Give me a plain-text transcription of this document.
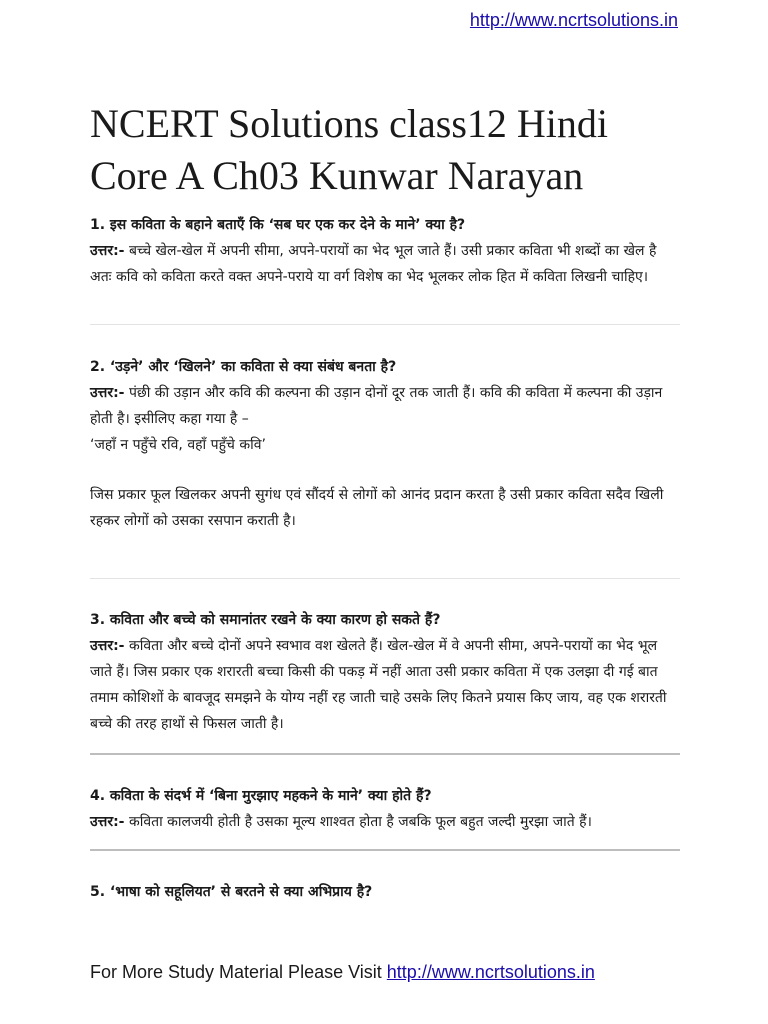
http://www.ncrtsolutions.in
NCERT Solutions class12 Hindi Core A Ch03 Kunwar Narayan

1. इस कविता के बहाने बताएँ कि ‘सब घर एक कर देने के माने’ क्या है?

उत्तर:- बच्चे खेल-खेल में अपनी सीमा, अपने-परायों का भेद भूल जाते हैं। उसी प्रकार कविता भी शब्दों का खेल है अतः कवि को कविता करते वक्त अपने-पराये या वर्ग विशेष का भेद भूलकर लोक हित में कविता लिखनी चाहिए।

2. ‘उड़ने’ और ‘खिलने’ का कविता से क्या संबंध बनता है?

उत्तर:- पंछी की उड़ान और कवि की कल्पना की उड़ान दोनों दूर तक जाती हैं। कवि की कविता में कल्पना की उड़ान होती है। इसीलिए कहा गया है –

‘जहाँ न पहुँचे रवि, वहाँ पहुँचे कवि’

जिस प्रकार फूल खिलकर अपनी सुगंध एवं सौंदर्य से लोगों को आनंद प्रदान करता है उसी प्रकार कविता सदैव खिली रहकर लोगों को उसका रसपान कराती है।

3. कविता और बच्चे को समानांतर रखने के क्या कारण हो सकते हैं?

उत्तर:- कविता और बच्चे दोनों अपने स्वभाव वश खेलते हैं। खेल-खेल में वे अपनी सीमा, अपने-परायों का भेद भूल जाते हैं। जिस प्रकार एक शरारती बच्चा किसी की पकड़ में नहीं आता उसी प्रकार कविता में एक उलझा दी गई बात तमाम कोशिशों के बावजूद समझने के योग्य नहीं रह जाती चाहे उसके लिए कितने प्रयास किए जाय, वह एक शरारती बच्चे की तरह हाथों से फिसल जाती है।

4. कविता के संदर्भ में ‘बिना मुरझाए महकने के माने’ क्या होते हैं?

उत्तर:- कविता कालजयी होती है उसका मूल्य शाश्वत होता है जबकि फूल बहुत जल्दी मुरझा जाते हैं।

5. ‘भाषा को सहूलियत’ से बरतने से क्या अभिप्राय है?

For More Study Material Please Visit http://www.ncrtsolutions.in
